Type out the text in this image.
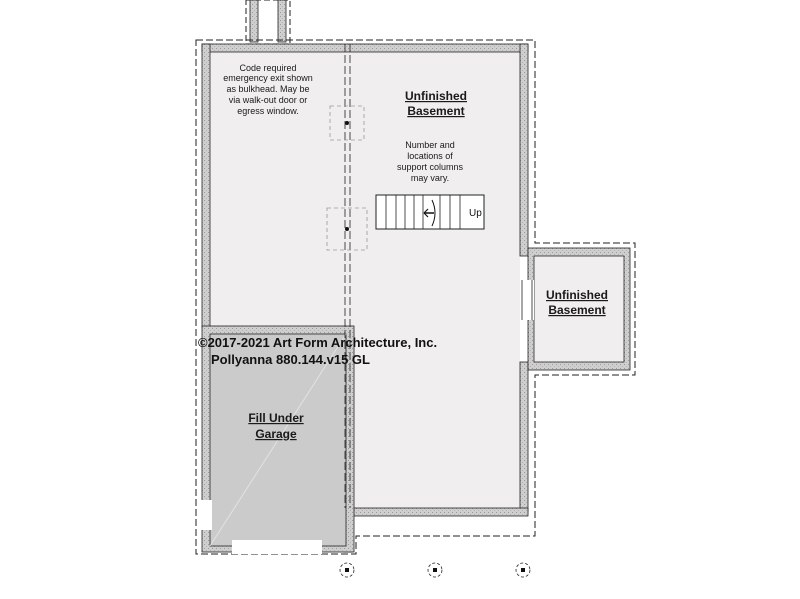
Up
Unfinished
Basement
Unfinished
Basement
Fill Under
Garage
Code required
emergency exit shown
as bulkhead. May be
via walk-out door or
egress window.
Number and
locations of
support columns
may vary.
©2017-2021 Art Form Architecture, Inc.
Pollyanna 880.144.v15 GL
